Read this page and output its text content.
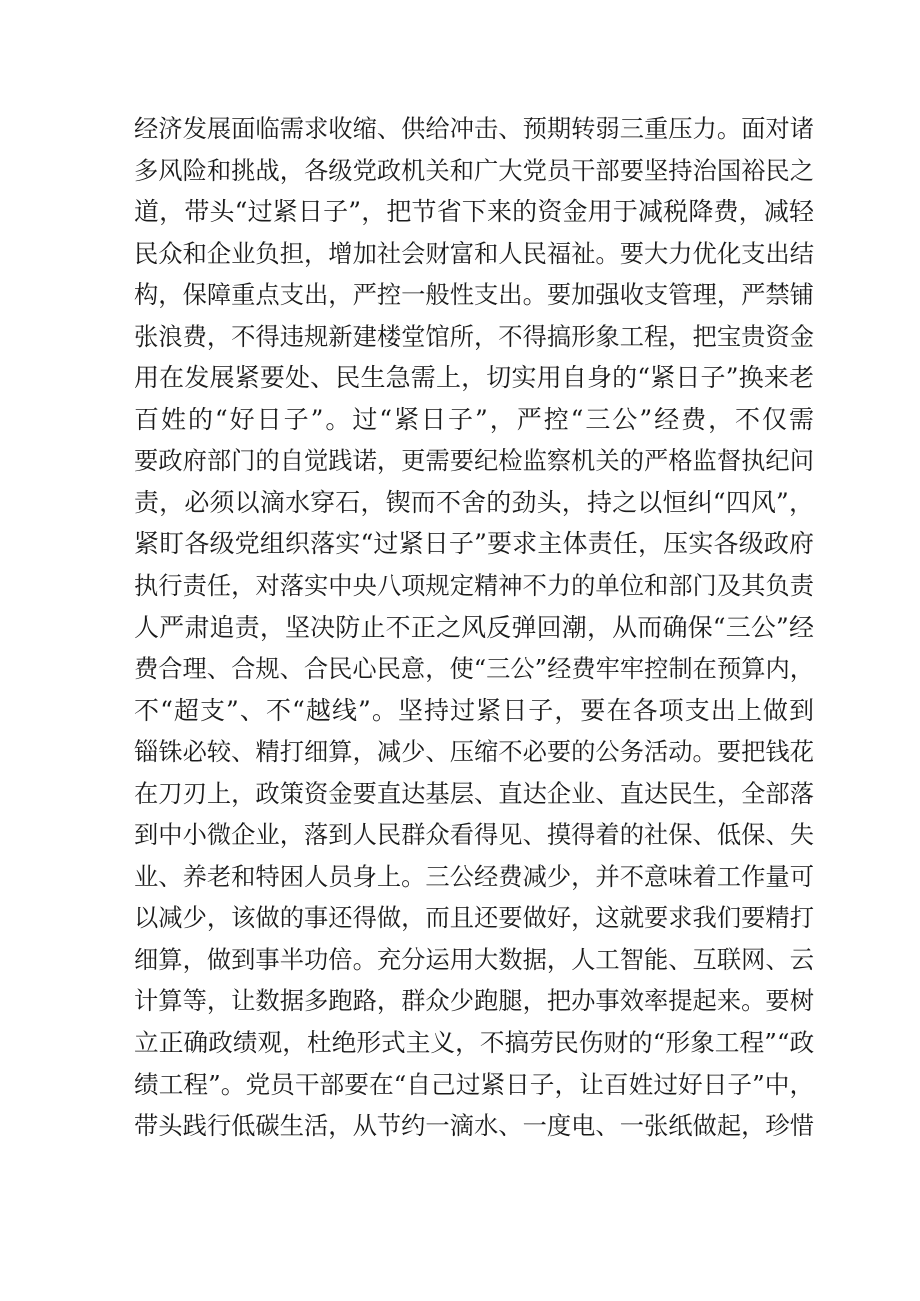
经济发展面临需求收缩、供给冲击、预期转弱三重压力。面对诸
多风险和挑战，各级党政机关和广大党员干部要坚持治国裕民之
道，带头“过紧日子”，把节省下来的资金用于减税降费，减轻
民众和企业负担，增加社会财富和人民福祉。要大力优化支出结
构，保障重点支出，严控一般性支出。要加强收支管理，严禁铺
张浪费，不得违规新建楼堂馆所，不得搞形象工程，把宝贵资金
用在发展紧要处、民生急需上，切实用自身的“紧日子”换来老
百姓的“好日子”。过“紧日子”，严控“三公”经费，不仅需
要政府部门的自觉践诺，更需要纪检监察机关的严格监督执纪问
责，必须以滴水穿石，锲而不舍的劲头，持之以恒纠“四风”，
紧盯各级党组织落实“过紧日子”要求主体责任，压实各级政府
执行责任，对落实中央八项规定精神不力的单位和部门及其负责
人严肃追责，坚决防止不正之风反弹回潮，从而确保“三公”经
费合理、合规、合民心民意，使“三公”经费牢牢控制在预算内，
不“超支”、不“越线”。坚持过紧日子，要在各项支出上做到
锱铢必较、精打细算，减少、压缩不必要的公务活动。要把钱花
在刀刃上，政策资金要直达基层、直达企业、直达民生，全部落
到中小微企业，落到人民群众看得见、摸得着的社保、低保、失
业、养老和特困人员身上。三公经费减少，并不意味着工作量可
以减少，该做的事还得做，而且还要做好，这就要求我们要精打
细算，做到事半功倍。充分运用大数据，人工智能、互联网、云
计算等，让数据多跑路，群众少跑腿，把办事效率提起来。要树
立正确政绩观，杜绝形式主义，不搞劳民伤财的“形象工程”“政
绩工程”。党员干部要在“自己过紧日子，让百姓过好日子”中，
带头践行低碳生活，从节约一滴水、一度电、一张纸做起，珍惜
